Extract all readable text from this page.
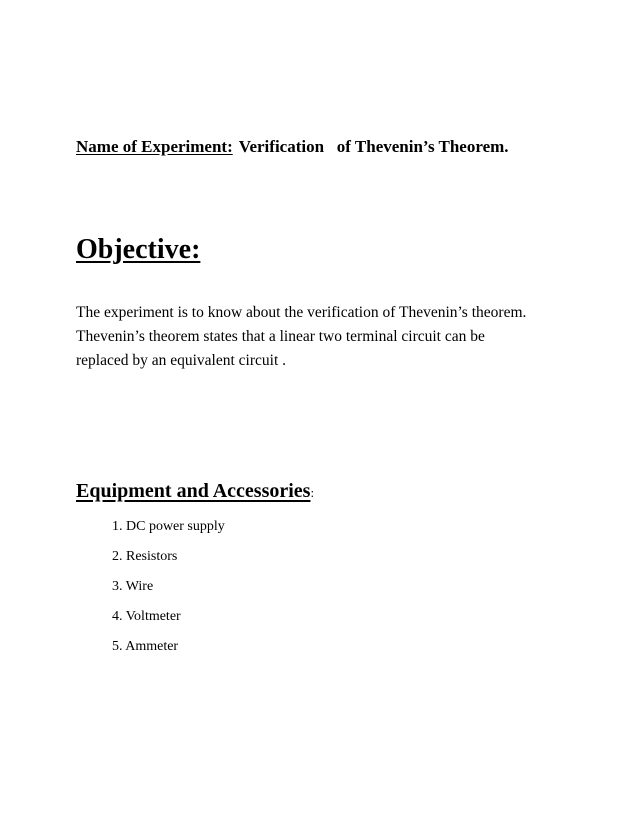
Name of Experiment: Verification   of Thevenin’s Theorem.
Objective:

The experiment is to know about the verification of Thevenin’s theorem.

Thevenin’s theorem states that a linear two terminal circuit can be

replaced by an equivalent circuit .

Equipment and Accessories:
1. DC power supply
2. Resistors
3. Wire
4. Voltmeter
5. Ammeter
